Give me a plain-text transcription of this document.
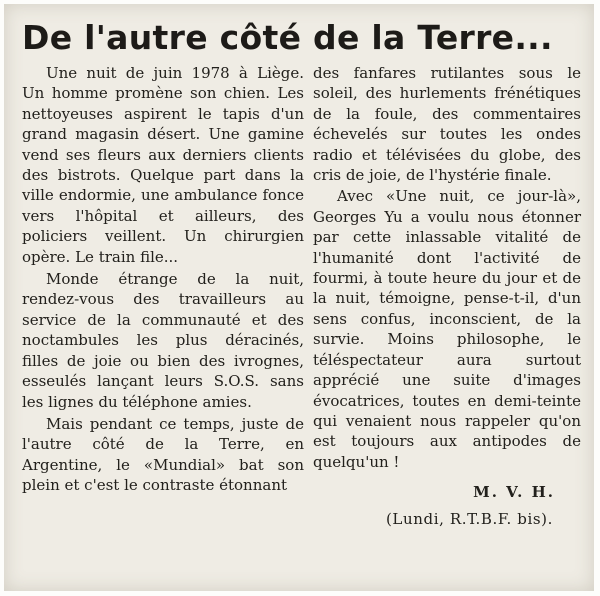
De l'autre côté de la Terre...

Une nuit de juin 1978 à Liège. Un homme promène son chien. Les nettoyeuses aspirent le tapis d'un grand magasin désert. Une gamine vend ses fleurs aux derniers clients des bistrots. Quelque part dans la ville endormie, une ambulance fonce vers l'hôpital et ailleurs, des policiers veillent. Un chirurgien opère. Le train file...

Monde étrange de la nuit, rendez-vous des travailleurs au service de la communauté et des noctambules les plus déracinés, filles de joie ou bien des ivrognes, esseulés lançant leurs S.O.S. sans les lignes du téléphone amies.

Mais pendant ce temps, juste de l'autre côté de la Terre, en Argentine, le «Mundial» bat son plein et c'est le contraste étonnant

des fanfares rutilantes sous le soleil, des hurlements frénétiques de la foule, des commentaires échevelés sur toutes les ondes radio et télévisées du globe, des cris de joie, de l'hystérie finale.

Avec «Une nuit, ce jour-là», Georges Yu a voulu nous étonner par cette inlassable vitalité de l'humanité dont l'activité de fourmi, à toute heure du jour et de la nuit, témoigne, pense-t-il, d'un sens confus, inconscient, de la survie. Moins philosophe, le téléspectateur aura surtout apprécié une suite d'images évocatrices, toutes en demi-teinte qui venaient nous rappeler qu'on est toujours aux antipodes de quelqu'un !

M. V. H.

(Lundi, R.T.B.F. bis).
